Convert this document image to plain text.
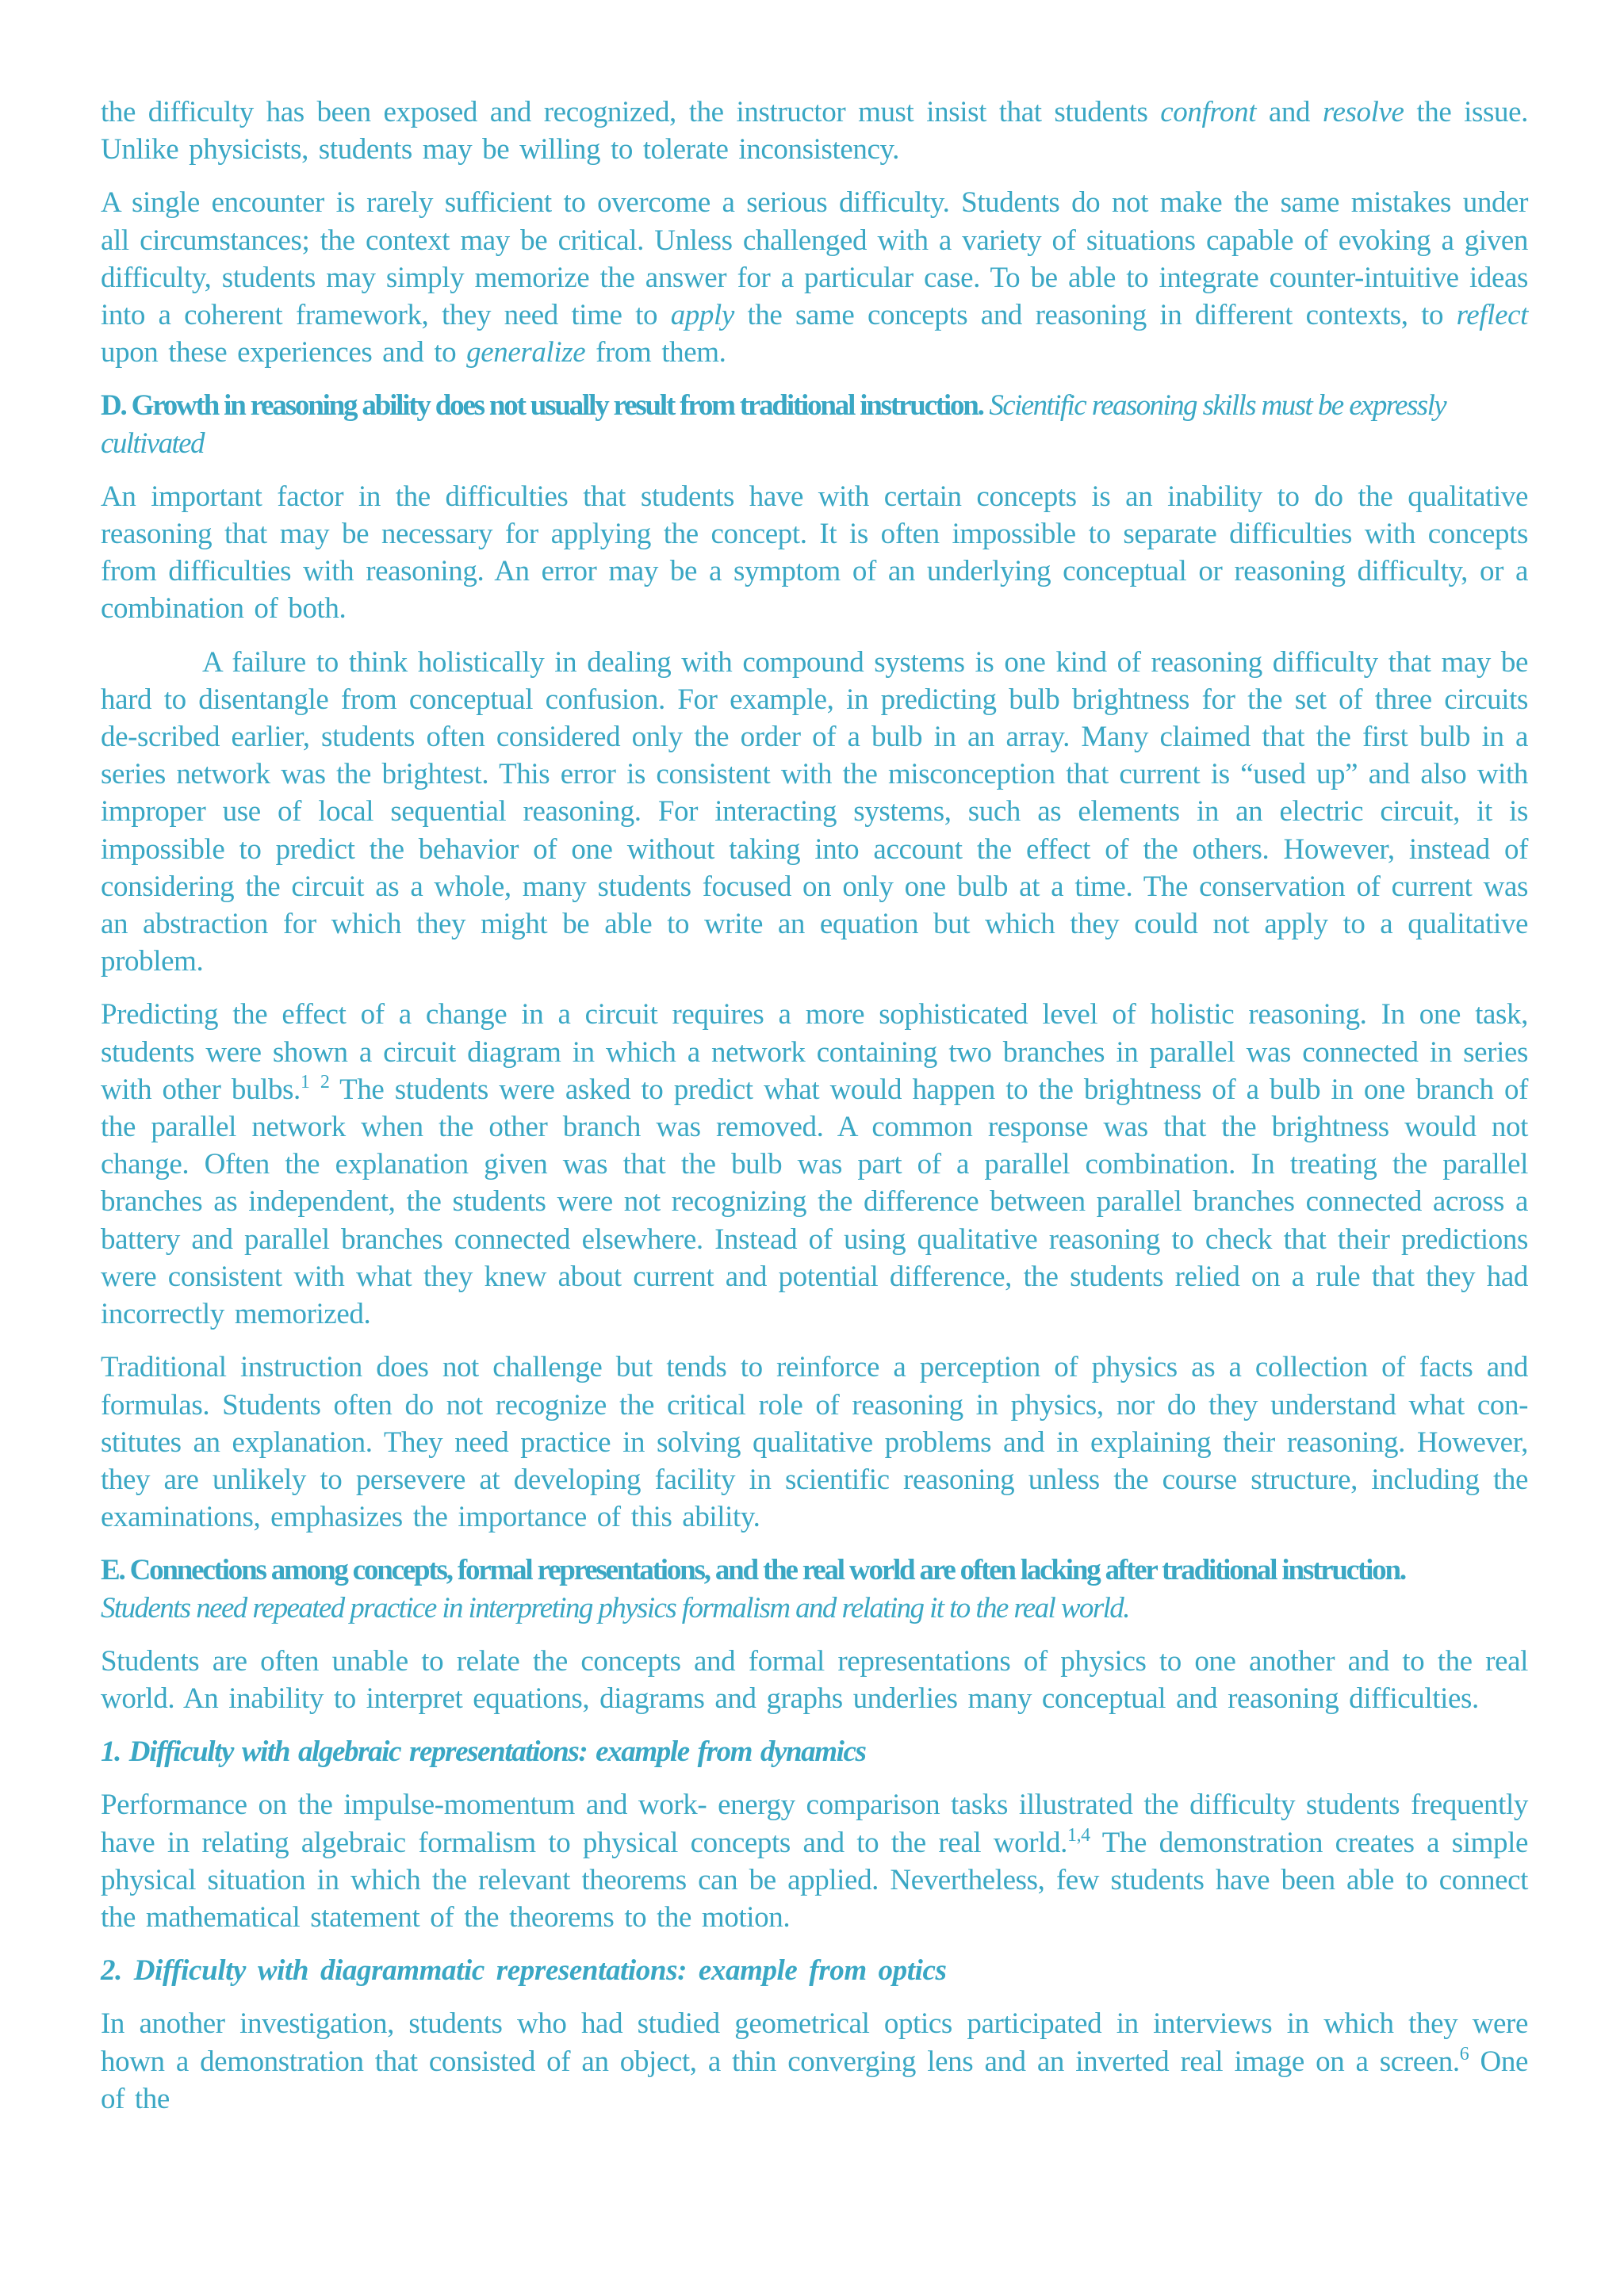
the difficulty has been exposed and recognized, the instructor must insist that students confront and resolve the issue. Unlike physicists, students may be willing to tolerate inconsistency.

A single encounter is rarely sufficient to overcome a serious difficulty. Students do not make the same mistakes under all circumstances; the context may be critical. Unless challenged with a variety of situations capable of evoking a given difficulty, students may simply memorize the answer for a particular case. To be able to integrate counter-intuitive ideas into a coherent framework, they need time to apply the same concepts and reasoning in different contexts, to reflect upon these experiences and to generalize from them.

D. Growth in reasoning ability does not usually result from traditional instruction. Scientific reasoning skills must be expressly cultivated

An important factor in the difficulties that students have with certain concepts is an inability to do the qualitative reasoning that may be necessary for applying the concept. It is often impossible to separate difficulties with concepts from difficulties with reasoning. An error may be a symptom of an underlying conceptual or reasoning difficulty, or a combination of both.

A failure to think holistically in dealing with compound systems is one kind of reasoning difficulty that may be hard to disentangle from conceptual confusion. For example, in predicting bulb brightness for the set of three circuits de-scribed earlier, students often considered only the order of a bulb in an array. Many claimed that the first bulb in a series network was the brightest. This error is consistent with the misconception that current is “used up” and also with improper use of local sequential reasoning. For interacting systems, such as elements in an electric circuit, it is impossible to predict the behavior of one without taking into account the effect of the others. However, instead of considering the circuit as a whole, many students focused on only one bulb at a time. The conservation of current was an abstraction for which they might be able to write an equation but which they could not apply to a qualitative problem.

Predicting the effect of a change in a circuit requires a more sophisticated level of holistic reasoning. In one task, students were shown a circuit diagram in which a network containing two branches in parallel was connected in series with other bulbs.$^1$ $^2$ The students were asked to predict what would happen to the brightness of a bulb in one branch of the parallel network when the other branch was removed. A common response was that the brightness would not change. Often the explanation given was that the bulb was part of a parallel combination. In treating the parallel branches as independent, the students were not recognizing the difference between parallel branches connected across a battery and parallel branches connected elsewhere. Instead of using qualitative reasoning to check that their predictions were consistent with what they knew about current and potential difference, the students relied on a rule that they had incorrectly memorized.

Traditional instruction does not challenge but tends to reinforce a perception of physics as a collection of facts and formulas. Students often do not recognize the critical role of reasoning in physics, nor do they understand what con-stitutes an explanation. They need practice in solving qualitative problems and in explaining their reasoning. However, they are unlikely to persevere at developing facility in scientific reasoning unless the course structure, including the examinations, emphasizes the importance of this ability.

E. Connections among concepts, formal representations, and the real world are often lacking after traditional instruction.
Students need repeated practice in interpreting physics formalism and relating it to the real world.

Students are often unable to relate the concepts and formal representations of physics to one another and to the real world. An inability to interpret equations, diagrams and graphs underlies many conceptual and reasoning difficulties.

1. Difficulty with algebraic representations: example from dynamics

Performance on the impulse-momentum and work- energy comparison tasks illustrated the difficulty students frequently have in relating algebraic formalism to physical concepts and to the real world.$^{1,4}$ The demonstration creates a simple physical situation in which the relevant theorems can be applied. Nevertheless, few students have been able to connect the mathematical statement of the theorems to the motion.

2. Difficulty with diagrammatic representations: example from optics

In another investigation, students who had studied geometrical optics participated in interviews in which they were hown a demonstration that consisted of an object, a thin converging lens and an inverted real image on a screen.$^6$ One of the
